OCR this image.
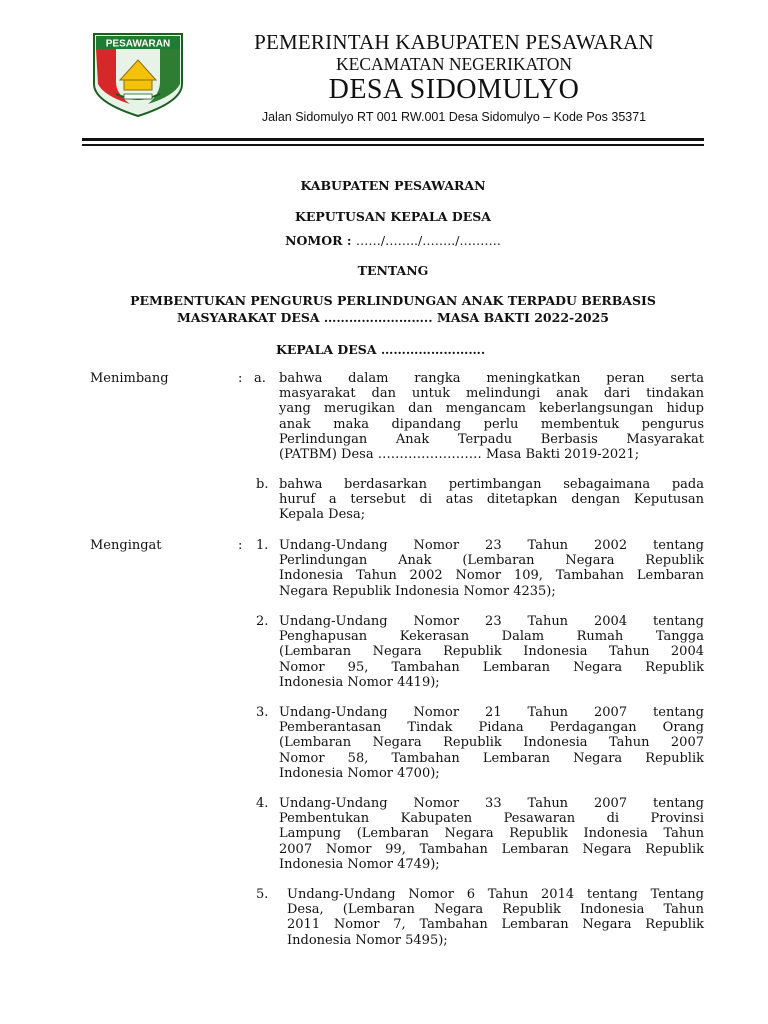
PESAWARAN	PEMERINTAH KABUPATEN PESAWARAN
KECAMATAN NEGERIKATON
DESA SIDOMULYO
Jalan Sidomulyo RT 001 RW.001 Desa Sidomulyo – Kode Pos 35371
KABUPATEN PESAWARAN
KEPUTUSAN KEPALA DESA
NOMOR : ……/……../……../……….
TENTANG
PEMBENTUKAN PENGURUS PERLINDUNGAN ANAK TERPADU BERBASIS
MASYARAKAT DESA …………………….. MASA BAKTI 2022-2025
KEPALA DESA …………………….
Menimbang	: a. bahwa dalam rangka meningkatkan peran serta
masyarakat dan untuk melindungi anak dari tindakan
yang merugikan dan mengancam keberlangsungan hidup
anak maka dipandang perlu membentuk pengurus
Perlindungan Anak Terpadu Berbasis Masyarakat
(PATBM) Desa …………………… Masa Bakti 2019-2021;
b. bahwa berdasarkan pertimbangan sebagaimana pada
huruf a tersebut di atas ditetapkan dengan Keputusan
Kepala Desa;
Mengingat	: 1. Undang-Undang Nomor 23 Tahun 2002 tentang
Perlindungan Anak (Lembaran Negara Republik
Indonesia Tahun 2002 Nomor 109, Tambahan Lembaran
Negara Republik Indonesia Nomor 4235);
2. Undang-Undang Nomor 23 Tahun 2004 tentang
Penghapusan Kekerasan Dalam Rumah Tangga
(Lembaran Negara Republik Indonesia Tahun 2004
Nomor 95, Tambahan Lembaran Negara Republik
Indonesia Nomor 4419);
3. Undang-Undang Nomor 21 Tahun 2007 tentang
Pemberantasan Tindak Pidana Perdagangan Orang
(Lembaran Negara Republik Indonesia Tahun 2007
Nomor 58, Tambahan Lembaran Negara Republik
Indonesia Nomor 4700);
4. Undang-Undang Nomor 33 Tahun 2007 tentang
Pembentukan Kabupaten Pesawaran di Provinsi
Lampung (Lembaran Negara Republik Indonesia Tahun
2007 Nomor 99, Tambahan Lembaran Negara Republik
Indonesia Nomor 4749);
5. Undang-Undang Nomor 6 Tahun 2014 tentang Tentang
Desa, (Lembaran Negara Republik Indonesia Tahun
2011 Nomor 7, Tambahan Lembaran Negara Republik
Indonesia Nomor 5495);
